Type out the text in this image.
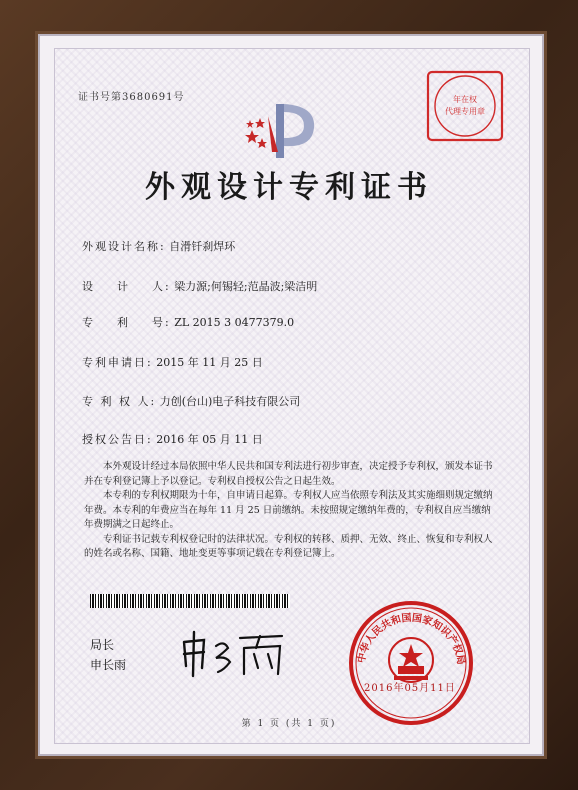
证书号第3680691号	年在权
代理专用章
外观设计专利证书
外观设计名称: 自滑钎刹焊环
设    计    人: 梁力源;何锡轻;范晶波;梁洁明
专    利    号: ZL 2015 3 0477379.0
专利申请日: 2015 年 11 月 25 日
专 利 权 人: 力创(台山)电子科技有限公司
授权公告日: 2016 年 05 月 11 日

本外观设计经过本局依照中华人民共和国专利法进行初步审查，决定授予专利权，颁发本证书并在专利登记簿上予以登记。专利权自授权公告之日起生效。

本专利的专利权期限为十年，自申请日起算。专利权人应当依照专利法及其实施细则规定缴纳年费。本专利的年费应当在每年 11 月 25 日前缴纳。未按照规定缴纳年费的，专利权自应当缴纳年费期满之日起终止。

专利证书记载专利权登记时的法律状况。专利权的转移、质押、无效、终止、恢复和专利权人的姓名或名称、国籍、地址变更等事项记载在专利登记簿上。

局长
申长雨	中华人民共和国国家知识产权局
2016年05月11日
第 1 页 (共 1 页)
